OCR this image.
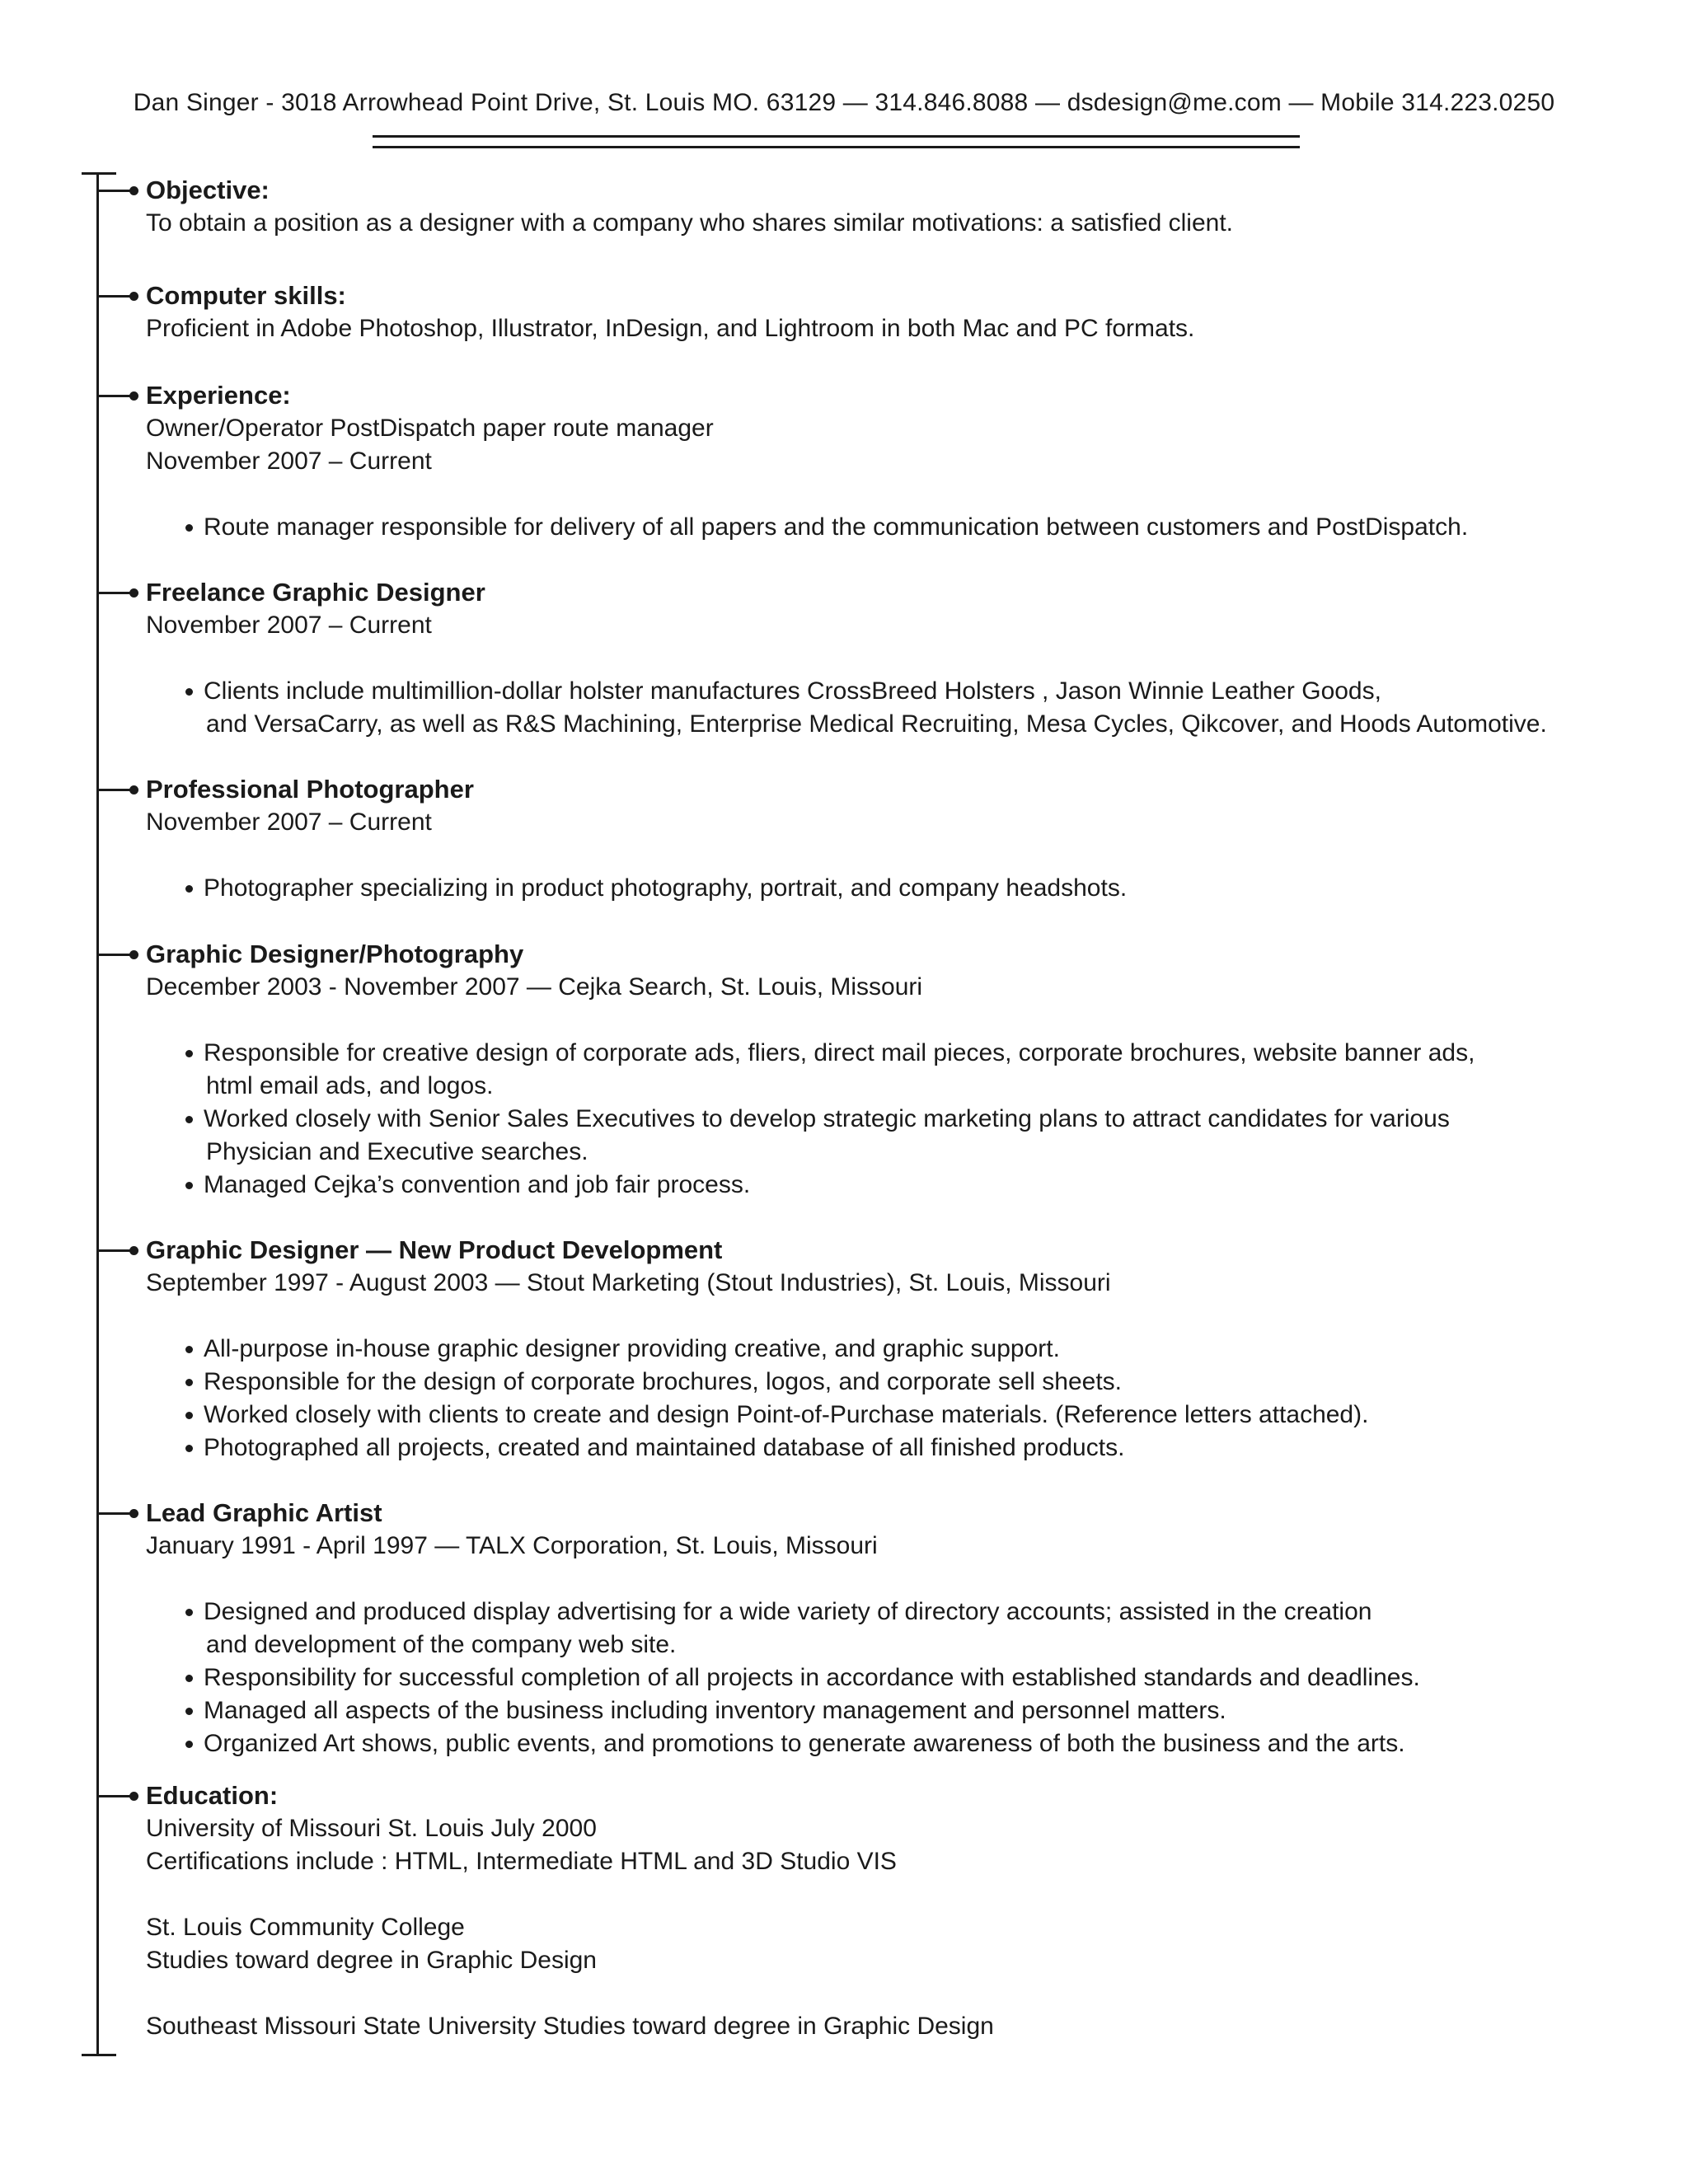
Dan Singer - 3018 Arrowhead Point Drive, St. Louis MO. 63129 — 314.846.8088 — dsdesign@me.com — Mobile 314.223.0250
Objective:
To obtain a position as a designer with a company who shares similar motivations: a satisfied client.
Computer skills:
Proficient in Adobe Photoshop, Illustrator, InDesign, and Lightroom in both Mac and PC formats.
Experience:
Owner/Operator PostDispatch paper route manager
November 2007 – Current
Route manager responsible for delivery of all papers and the communication between customers and PostDispatch.
Freelance Graphic Designer
November 2007 – Current
Clients include multimillion-dollar holster manufactures CrossBreed Holsters , Jason Winnie Leather Goods,
and VersaCarry, as well as R&S Machining, Enterprise Medical Recruiting, Mesa Cycles, Qikcover, and Hoods Automotive.
Professional Photographer
November 2007 – Current
Photographer specializing in product photography, portrait, and company headshots.
Graphic Designer/Photography
December 2003 - November 2007 — Cejka Search, St. Louis, Missouri
Responsible for creative design of corporate ads, fliers, direct mail pieces, corporate brochures, website banner ads,
html email ads, and logos.
Worked closely with Senior Sales Executives to develop strategic marketing plans to attract candidates for various
Physician and Executive searches.
Managed Cejka’s convention and job fair process.
Graphic Designer — New Product Development
September 1997 - August 2003 — Stout Marketing (Stout Industries), St. Louis, Missouri
All-purpose in-house graphic designer providing creative, and graphic support.
Responsible for the design of corporate brochures, logos, and corporate sell sheets.
Worked closely with clients to create and design Point-of-Purchase materials. (Reference letters attached).
Photographed all projects, created and maintained database of all finished products.
Lead Graphic Artist
January 1991 - April 1997 — TALX Corporation, St. Louis, Missouri
Designed and produced display advertising for a wide variety of directory accounts; assisted in the creation
and development of the company web site.
Responsibility for successful completion of all projects in accordance with established standards and deadlines.
Managed all aspects of the business including inventory management and personnel matters.
Organized Art shows, public events, and promotions to generate awareness of both the business and the arts.
Education:
University of Missouri St. Louis July 2000
Certifications include : HTML, Intermediate HTML and 3D Studio VIS
St. Louis Community College
Studies toward degree in Graphic Design
Southeast Missouri State University Studies toward degree in Graphic Design
